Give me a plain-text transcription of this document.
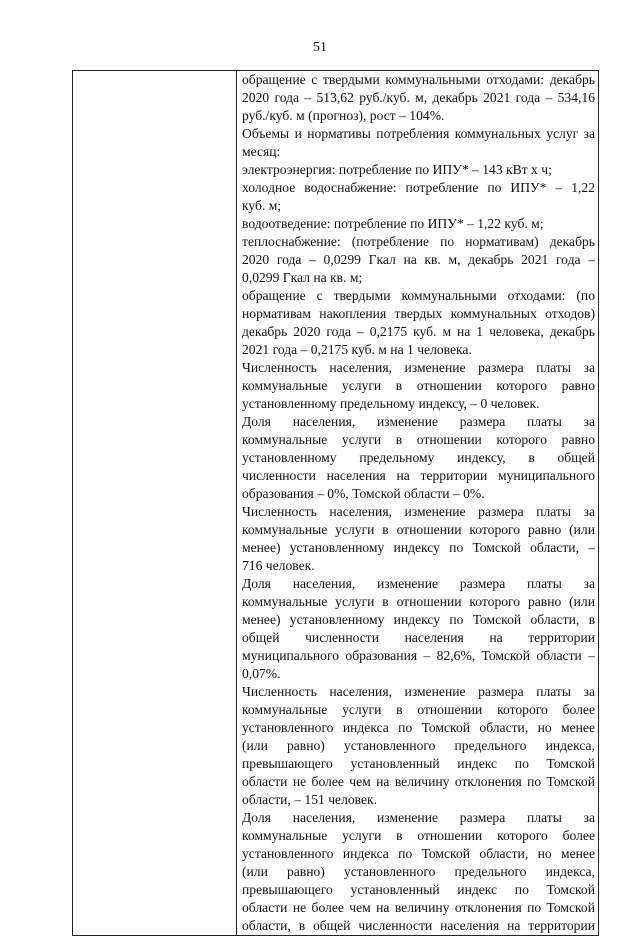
51

обращение с твердыми коммунальными отходами: декабрь
2020 года – 513,62 руб./куб. м, декабрь 2021 года – 534,16
руб./куб. м (прогноз), рост – 104%.
Объемы и нормативы потребления коммунальных услуг за
месяц:
электроэнергия: потребление по ИПУ* – 143 кВт х ч;
холодное водоснабжение: потребление по ИПУ* – 1,22
куб. м;
водоотведение: потребление по ИПУ* – 1,22 куб. м;
теплоснабжение: (потребление по нормативам) декабрь
2020 года – 0,0299 Гкал на кв. м, декабрь 2021 года –
0,0299 Гкал на кв. м;
обращение с твердыми коммунальными отходами: (по
нормативам накопления твердых коммунальных отходов)
декабрь 2020 года – 0,2175 куб. м на 1 человека, декабрь
2021 года – 0,2175 куб. м на 1 человека.
Численность населения, изменение размера платы за
коммунальные услуги в отношении которого равно
установленному предельному индексу, – 0 человек.
Доля населения, изменение размера платы за
коммунальные услуги в отношении которого равно
установленному предельному индексу, в общей
численности населения на территории муниципального
образования – 0%, Томской области – 0%.
Численность населения, изменение размера платы за
коммунальные услуги в отношении которого равно (или
менее) установленному индексу по Томской области, –
716 человек.
Доля населения, изменение размера платы за
коммунальные услуги в отношении которого равно (или
менее) установленному индексу по Томской области, в
общей численности населения на территории
муниципального образования – 82,6%, Томской области –
0,07%.
Численность населения, изменение размера платы за
коммунальные услуги в отношении которого более
установленного индекса по Томской области, но менее
(или равно) установленного предельного индекса,
превышающего установленный индекс по Томской
области не более чем на величину отклонения по Томской
области, – 151 человек.
Доля населения, изменение размера платы за
коммунальные услуги в отношении которого более
установленного индекса по Томской области, но менее
(или равно) установленного предельного индекса,
превышающего установленный индекс по Томской
области не более чем на величину отклонения по Томской
области, в общей численности населения на территории
